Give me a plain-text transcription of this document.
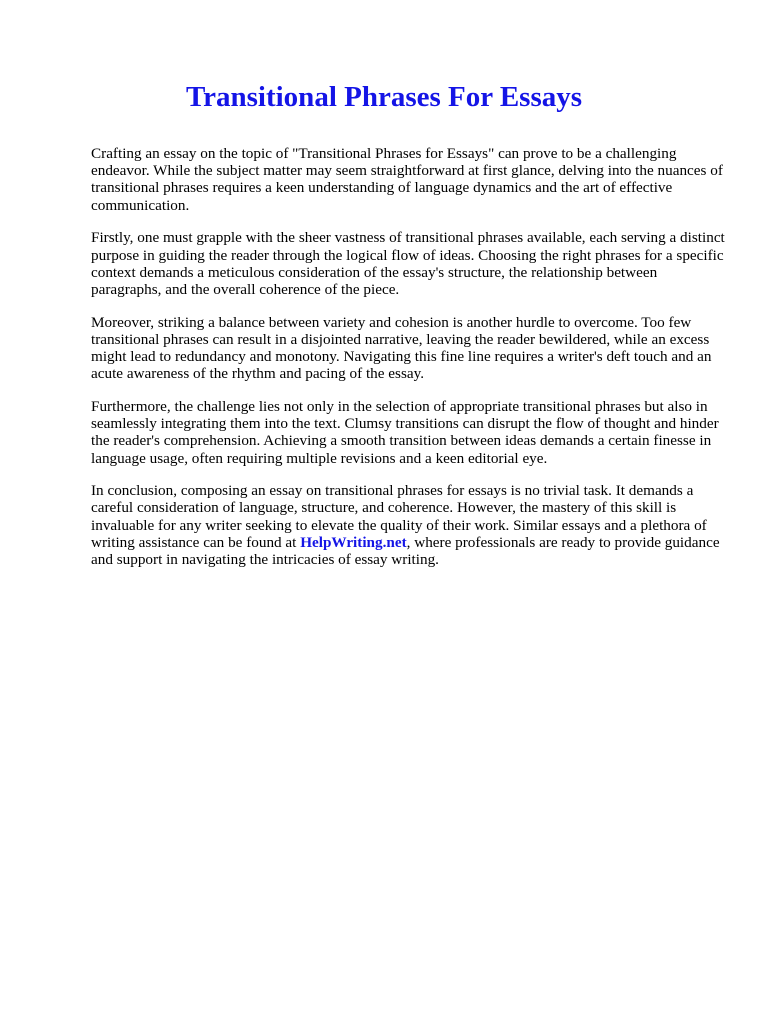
Transitional Phrases For Essays

Crafting an essay on the topic of "Transitional Phrases for Essays" can prove to be a challenging endeavor. While the subject matter may seem straightforward at first glance, delving into the nuances of transitional phrases requires a keen understanding of language dynamics and the art of effective communication.

Firstly, one must grapple with the sheer vastness of transitional phrases available, each serving a distinct purpose in guiding the reader through the logical flow of ideas. Choosing the right phrases for a specific context demands a meticulous consideration of the essay's structure, the relationship between paragraphs, and the overall coherence of the piece.

Moreover, striking a balance between variety and cohesion is another hurdle to overcome. Too few transitional phrases can result in a disjointed narrative, leaving the reader bewildered, while an excess might lead to redundancy and monotony. Navigating this fine line requires a writer's deft touch and an acute awareness of the rhythm and pacing of the essay.

Furthermore, the challenge lies not only in the selection of appropriate transitional phrases but also in seamlessly integrating them into the text. Clumsy transitions can disrupt the flow of thought and hinder the reader's comprehension. Achieving a smooth transition between ideas demands a certain finesse in language usage, often requiring multiple revisions and a keen editorial eye.

In conclusion, composing an essay on transitional phrases for essays is no trivial task. It demands a careful consideration of language, structure, and coherence. However, the mastery of this skill is invaluable for any writer seeking to elevate the quality of their work. Similar essays and a plethora of writing assistance can be found at HelpWriting.net, where professionals are ready to provide guidance and support in navigating the intricacies of essay writing.
